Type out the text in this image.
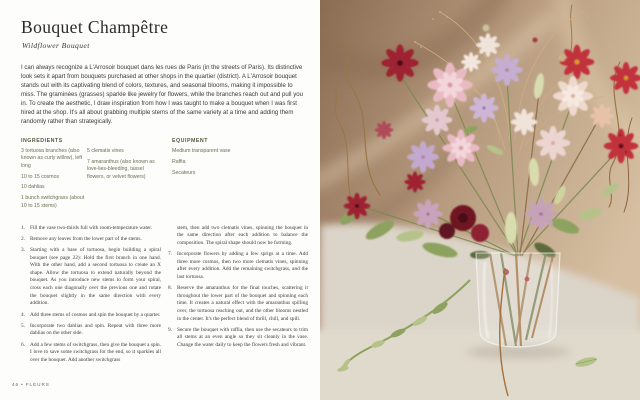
Bouquet Champêtre
Wildflower Bouquet

I can always recognize a L'Arrosoir bouquet dans les rues de Paris (in the streets of Paris). Its distinctive look sets it apart from bouquets purchased at other shops in the quartier (district). A L'Arrosoir bouquet stands out with its captivating blend of colors, textures, and seasonal blooms, making it impossible to miss. The graminées (grasses) sparkle like jewelry for flowers, while the branches reach out and pull you in. To create the aesthetic, I draw inspiration from how I was taught to make a bouquet when I was first hired at the shop. It's all about grabbing multiple stems of the same variety at a time and adding them randomly rather than strategically.

INGREDIENTS
3 tortuosa branches (also known as curly willow), left long
10 to 15 cosmos
10 dahlias
1 bunch switchgrass (about 10 to 15 stems)
5 clematis vines
7 amaranthus (also known as love-lies-bleeding, tassel flowers, or velvet flowers)
EQUIPMENT
Medium transparent vase
Raffia
Secateurs
1. Fill the vase two-thirds full with room-temperature water.
2. Remove any leaves from the lower part of the stems.
3. Starting with a base of tortuosa, begin building a spiral bouquet (see page 22): Hold the first branch in one hand. With the other hand, add a second tortuosa to create an X shape. Allow the tortuosa to extend naturally beyond the bouquet. As you introduce new stems to form your spiral, cross each one diagonally over the previous one and rotate the bouquet slightly in the same direction with every addition.
4. Add three stems of cosmos and spin the bouquet by a quarter.
5. Incorporate two dahlias and spin. Repeat with three more dahlias on the other side.
6. Add a few stems of switchgrass, then give the bouquet a spin. I love to save some switchgrass for the end, so it sparkles all over the bouquet. Add another switchgrass
stem, then add two clematis vines, spinning the bouquet in the same direction after each addition to balance the composition. The spiral shape should now be forming.
7. Incorporate flowers by adding a few sprigs at a time. Add three more cosmos, then two more clematis vines, spinning after every addition. Add the remaining switchgrass, and the last tortuosa.
8. Reserve the amaranthus for the final touches, scattering it throughout the lower part of the bouquet and spinning each time. It creates a natural effect with the amaranthus spilling over, the tortuosa reaching out, and the other blooms nestled in the center. It's the perfect blend of thrill, chill, and spill.
9. Secure the bouquet with raffia, then use the secateurs to trim all stems at an even angle so they sit cleanly in the vase. Change the water daily to keep the flowers fresh and vibrant.
46 • FLEURS
